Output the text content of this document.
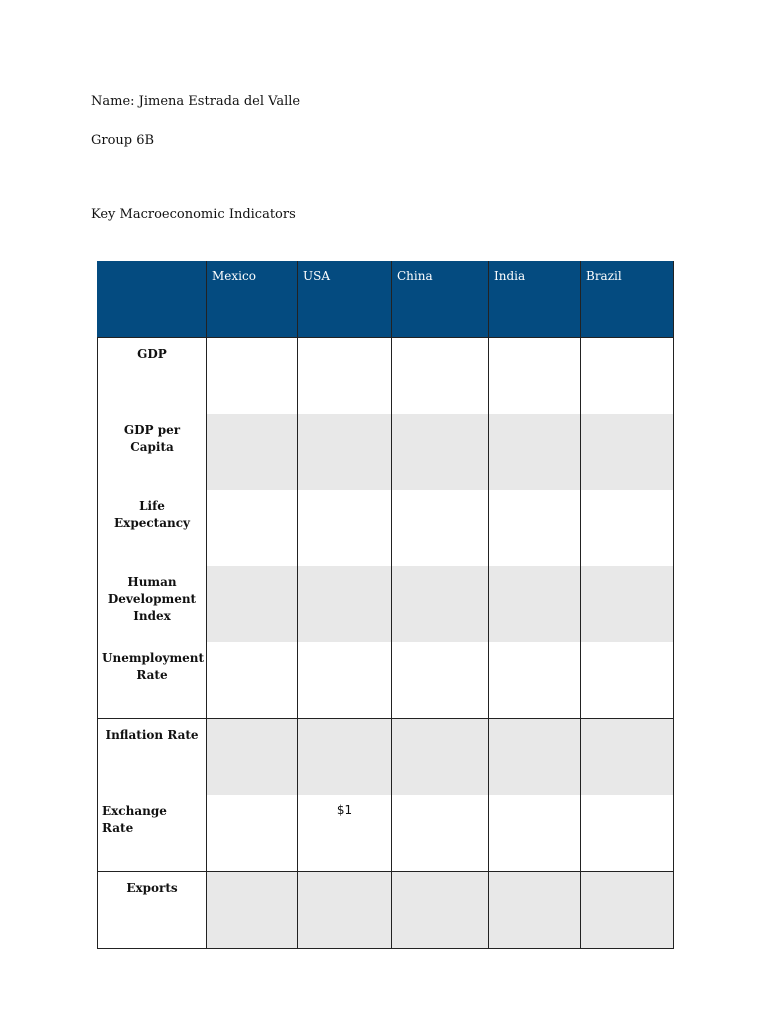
Name: Jimena Estrada del Valle
Group 6B
Key Macroeconomic Indicators
	Mexico	USA	China	India	Brazil
GDP					
GDP per Capita					
Life Expectancy					
Human Development Index					
Unemployment Rate					
Inflation Rate					
Exchange Rate		$1			
Exports					
